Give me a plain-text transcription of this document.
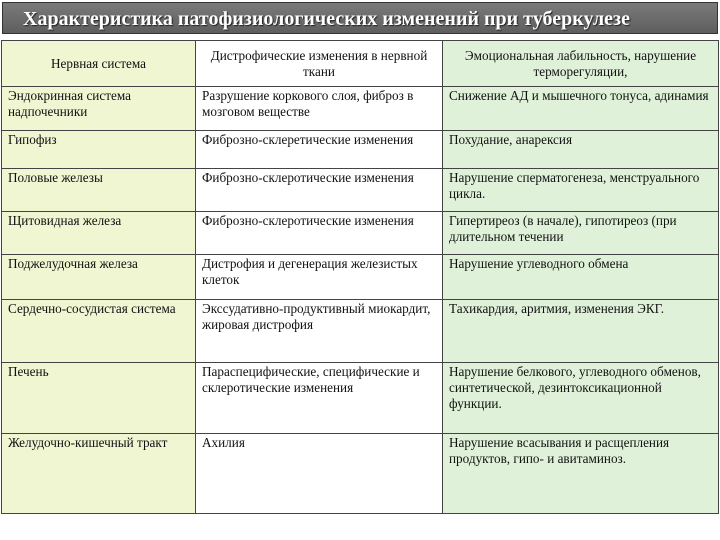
Характеристика патофизиологических изменений при туберкулезе
Нервная система	Дистрофические изменения в нервной ткани	Эмоциональная лабильность, нарушение терморегуляции,
Эндокринная система надпочечники	Разрушение коркового слоя, фиброз в мозговом веществе	Снижение АД и мышечного тонуса, адинамия
Гипофиз	Фиброзно-склеретические изменения	Похудание, анарексия
Половые железы	Фиброзно-склеротические изменения	Нарушение сперматогенеза, менструального цикла.
Щитовидная железа	Фиброзно-склеротические изменения	Гипертиреоз (в начале), гипотиреоз (при длительном течении
Поджелудочная железа	Дистрофия и дегенерация железистых клеток	Нарушение углеводного обмена
Сердечно-сосудистая система	Экссудативно-продуктивный миокардит, жировая дистрофия	Тахикардия, аритмия, изменения ЭКГ.
Печень	Параспецифические, специфические и склеротические изменения	Нарушение белкового, углеводного обменов, синтетической, дезинтоксикационной функции.
Желудочно-кишечный тракт	Ахилия	Нарушение всасывания и расщепления продуктов, гипо- и авитаминоз.
